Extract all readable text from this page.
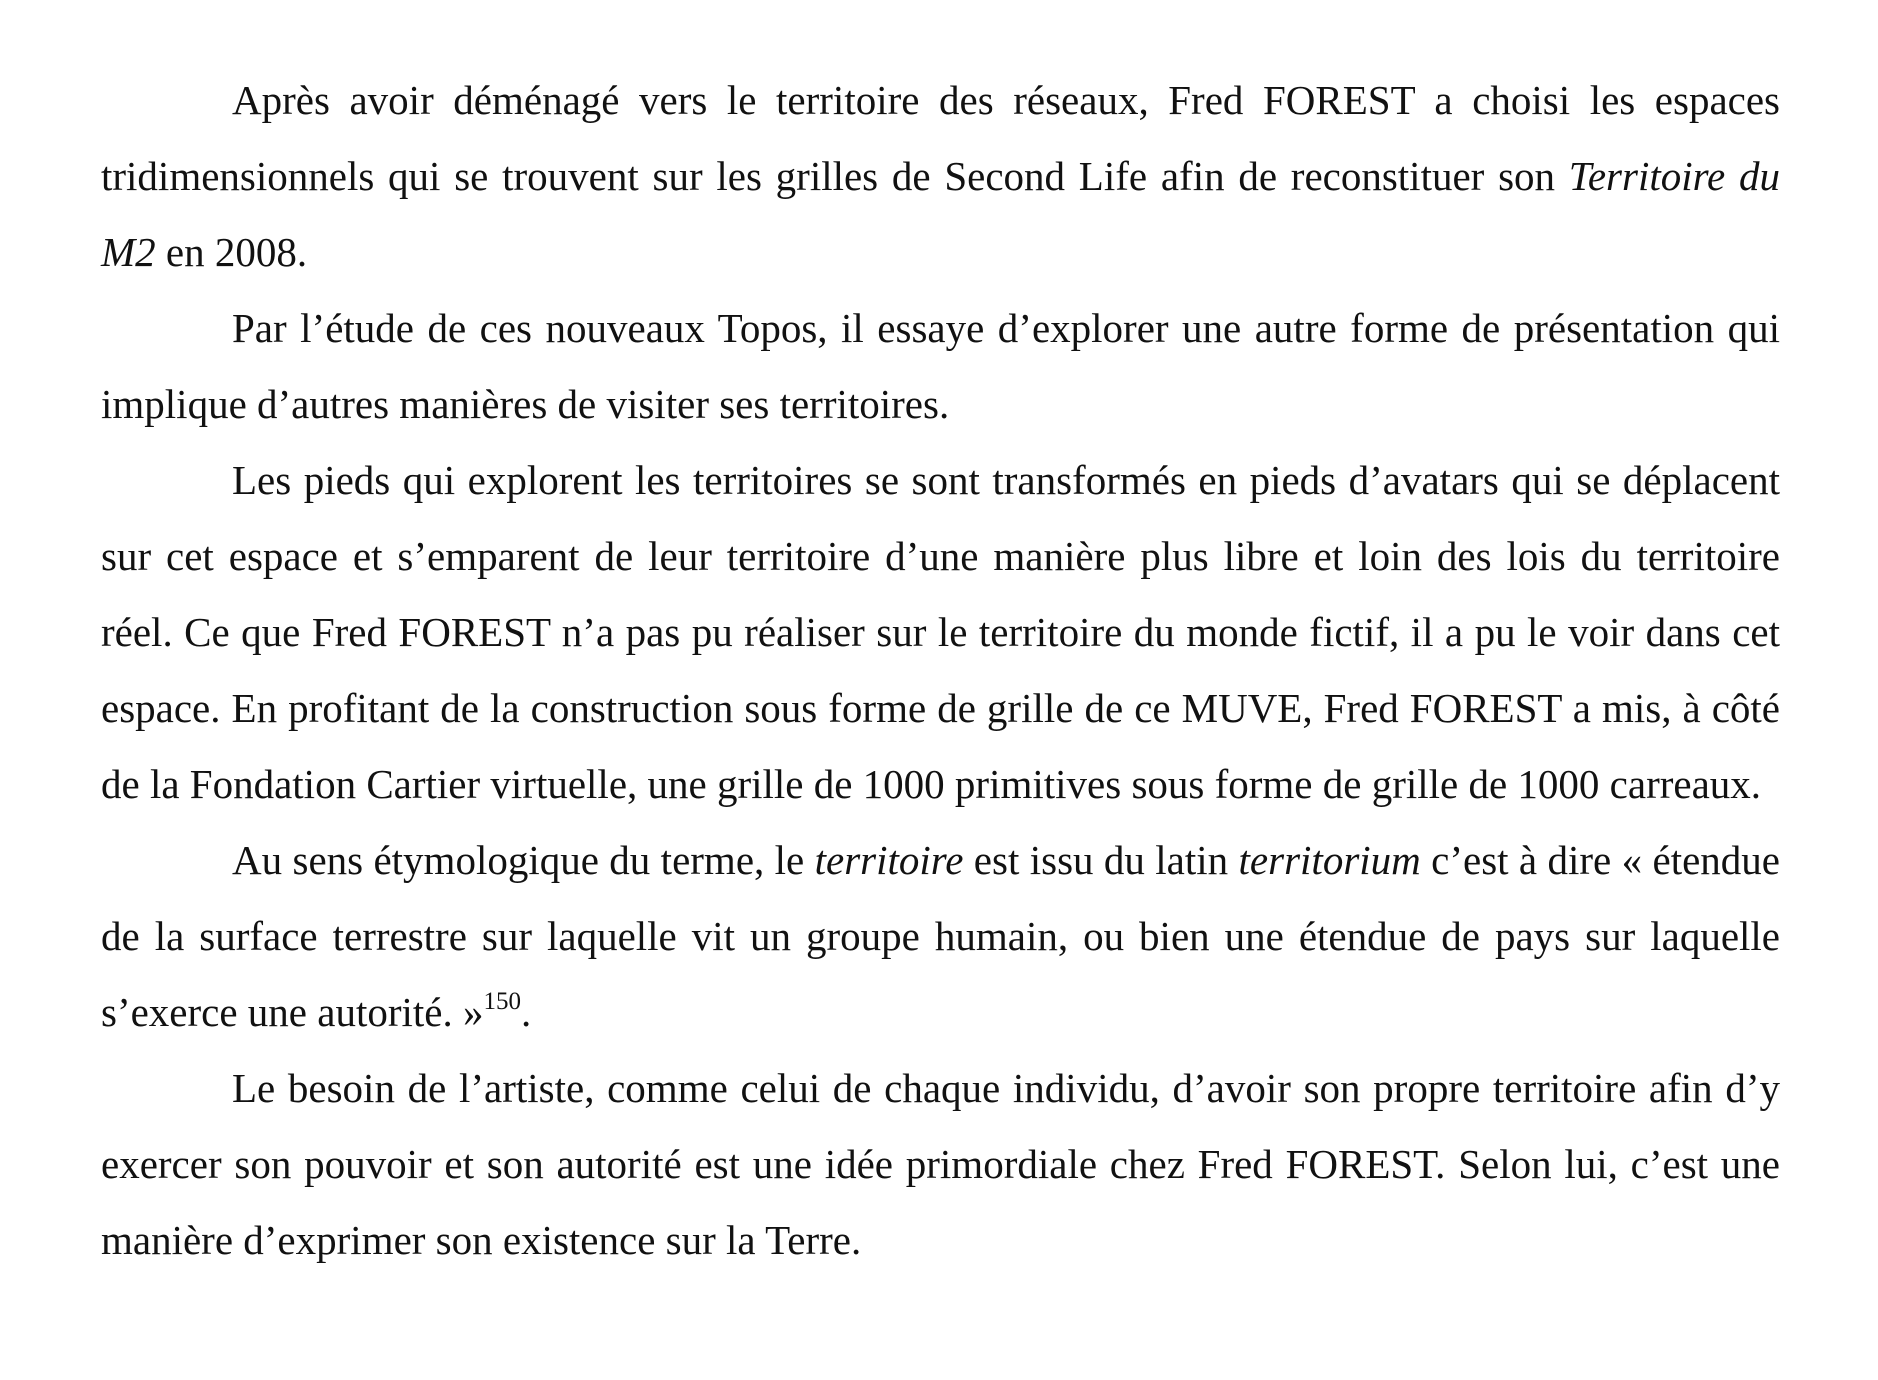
Après avoir déménagé vers le territoire des réseaux, Fred FOREST a choisi les espaces tridimensionnels qui se trouvent sur les grilles de Second Life afin de reconstituer son Territoire du M2 en 2008.

Par l’étude de ces nouveaux Topos, il essaye d’explorer une autre forme de présentation qui implique d’autres manières de visiter ses territoires.

Les pieds qui explorent les territoires se sont transformés en pieds d’avatars qui se déplacent sur cet espace et s’emparent de leur territoire d’une manière plus libre et loin des lois du territoire réel. Ce que Fred FOREST n’a pas pu réaliser sur le territoire du monde fictif, il a pu le voir dans cet espace. En profitant de la construction sous forme de grille de ce MUVE, Fred FOREST a mis, à côté de la Fondation Cartier virtuelle, une grille de 1000 primitives sous forme de grille de 1000 carreaux.

Au sens étymologique du terme, le territoire est issu du latin territorium c’est à dire « étendue de la surface terrestre sur laquelle vit un groupe humain, ou bien une étendue de pays sur laquelle s’exerce une autorité. »$^{150}$.

Le besoin de l’artiste, comme celui de chaque individu, d’avoir son propre territoire afin d’y exercer son pouvoir et son autorité est une idée primordiale chez Fred FOREST. Selon lui, c’est une manière d’exprimer son existence sur la Terre.
